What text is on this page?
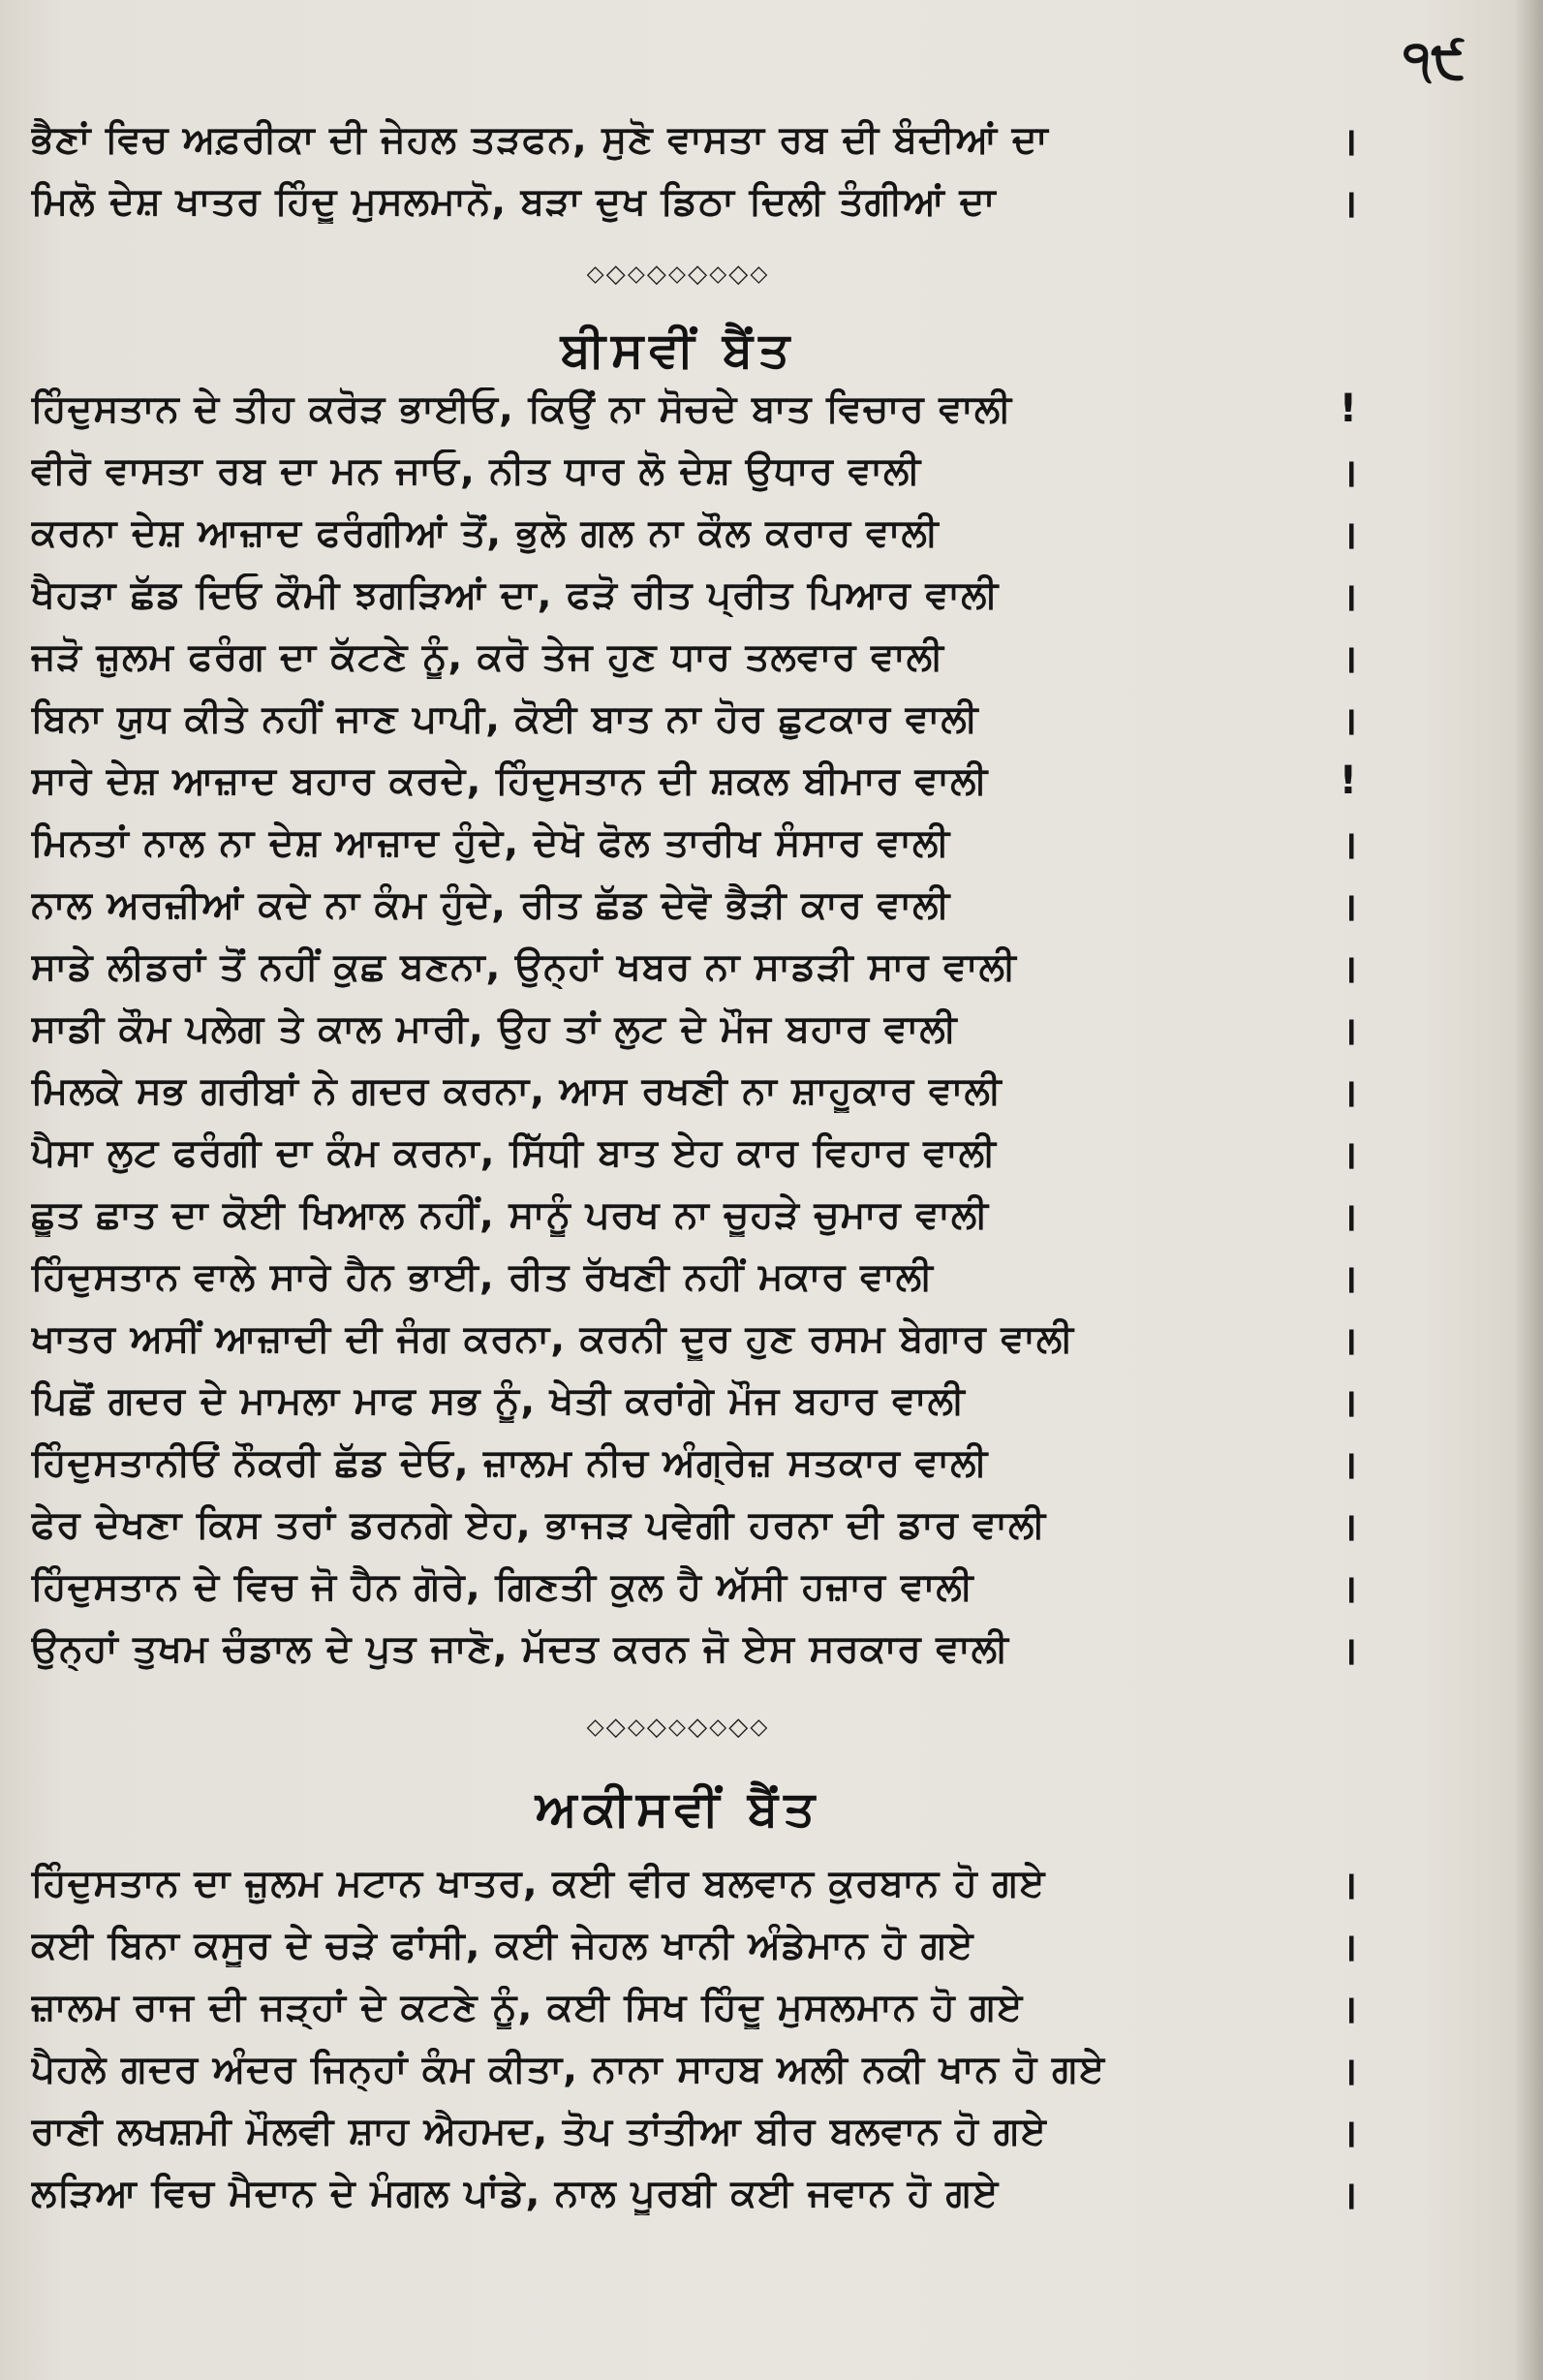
੧੯
ਭੈਣਾਂ ਵਿਚ ਅਫ਼ਰੀਕਾ ਦੀ ਜੇਹਲ ਤੜਫਨ, ਸੁਣੋ ਵਾਸਤਾ ਰਬ ਦੀ ਬੰਦੀਆਂ ਦਾ	।
ਮਿਲੋ ਦੇਸ਼ ਖਾਤਰ ਹਿੰਦੂ ਮੁਸਲਮਾਨੋ, ਬੜਾ ਦੁਖ ਡਿਠਾ ਦਿਲੀ ਤੰਗੀਆਂ ਦਾ	।
⬦◇⬦◇⬦◇⬦◇⬦
ਬੀਸਵੀਂ ਬੈਂਤ
ਹਿੰਦੁਸਤਾਨ ਦੇ ਤੀਹ ਕਰੋੜ ਭਾਈਓ, ਕਿਉਂ ਨਾ ਸੋਚਦੇ ਬਾਤ ਵਿਚਾਰ ਵਾਲੀ	!
ਵੀਰੋ ਵਾਸਤਾ ਰਬ ਦਾ ਮਨ ਜਾਓ, ਨੀਤ ਧਾਰ ਲੋ ਦੇਸ਼ ਉਧਾਰ ਵਾਲੀ	।
ਕਰਨਾ ਦੇਸ਼ ਆਜ਼ਾਦ ਫਰੰਗੀਆਂ ਤੋਂ, ਭੁਲੋ ਗਲ ਨਾ ਕੌਲ ਕਰਾਰ ਵਾਲੀ	।
ਖੈਹੜਾ ਛੱਡ ਦਿਓ ਕੌਮੀ ਝਗੜਿਆਂ ਦਾ, ਫੜੋ ਰੀਤ ਪ੍ਰੀਤ ਪਿਆਰ ਵਾਲੀ	।
ਜੜੋ ਜ਼ੁਲਮ ਫਰੰਗ ਦਾ ਕੱਟਣੇ ਨੂੰ, ਕਰੋ ਤੇਜ ਹੁਣ ਧਾਰ ਤਲਵਾਰ ਵਾਲੀ	।
ਬਿਨਾ ਯੁਧ ਕੀਤੇ ਨਹੀਂ ਜਾਣ ਪਾਪੀ, ਕੋਈ ਬਾਤ ਨਾ ਹੋਰ ਛੁਟਕਾਰ ਵਾਲੀ	।
ਸਾਰੇ ਦੇਸ਼ ਆਜ਼ਾਦ ਬਹਾਰ ਕਰਦੇ, ਹਿੰਦੁਸਤਾਨ ਦੀ ਸ਼ਕਲ ਬੀਮਾਰ ਵਾਲੀ	!
ਮਿਨਤਾਂ ਨਾਲ ਨਾ ਦੇਸ਼ ਆਜ਼ਾਦ ਹੁੰਦੇ, ਦੇਖੋ ਫੋਲ ਤਾਰੀਖ ਸੰਸਾਰ ਵਾਲੀ	।
ਨਾਲ ਅਰਜ਼ੀਆਂ ਕਦੇ ਨਾ ਕੰਮ ਹੁੰਦੇ, ਰੀਤ ਛੱਡ ਦੇਵੋ ਭੈੜੀ ਕਾਰ ਵਾਲੀ	।
ਸਾਡੇ ਲੀਡਰਾਂ ਤੋਂ ਨਹੀਂ ਕੁਛ ਬਣਨਾ, ਉਨ੍ਹਾਂ ਖਬਰ ਨਾ ਸਾਡੜੀ ਸਾਰ ਵਾਲੀ	।
ਸਾਡੀ ਕੌਮ ਪਲੇਗ ਤੇ ਕਾਲ ਮਾਰੀ, ਉਹ ਤਾਂ ਲੁਟ ਦੇ ਮੌਜ ਬਹਾਰ ਵਾਲੀ	।
ਮਿਲਕੇ ਸਭ ਗਰੀਬਾਂ ਨੇ ਗਦਰ ਕਰਨਾ, ਆਸ ਰਖਣੀ ਨਾ ਸ਼ਾਹੂਕਾਰ ਵਾਲੀ	।
ਪੈਸਾ ਲੁਟ ਫਰੰਗੀ ਦਾ ਕੰਮ ਕਰਨਾ, ਸਿੱਧੀ ਬਾਤ ਏਹ ਕਾਰ ਵਿਹਾਰ ਵਾਲੀ	।
ਛੂਤ ਛਾਤ ਦਾ ਕੋਈ ਖਿਆਲ ਨਹੀਂ, ਸਾਨੂੰ ਪਰਖ ਨਾ ਚੂਹੜੇ ਚੁਮਾਰ ਵਾਲੀ	।
ਹਿੰਦੁਸਤਾਨ ਵਾਲੇ ਸਾਰੇ ਹੈਨ ਭਾਈ, ਰੀਤ ਰੱਖਣੀ ਨਹੀਂ ਮਕਾਰ ਵਾਲੀ	।
ਖਾਤਰ ਅਸੀਂ ਆਜ਼ਾਦੀ ਦੀ ਜੰਗ ਕਰਨਾ, ਕਰਨੀ ਦੂਰ ਹੁਣ ਰਸਮ ਬੇਗਾਰ ਵਾਲੀ	।
ਪਿਛੋਂ ਗਦਰ ਦੇ ਮਾਮਲਾ ਮਾਫ ਸਭ ਨੂੰ, ਖੇਤੀ ਕਰਾਂਗੇ ਮੌਜ ਬਹਾਰ ਵਾਲੀ	।
ਹਿੰਦੁਸਤਾਨੀਓਂ ਨੌਕਰੀ ਛੱਡ ਦੇਓ, ਜ਼ਾਲਮ ਨੀਚ ਅੰਗ੍ਰੇਜ਼ ਸਤਕਾਰ ਵਾਲੀ	।
ਫੇਰ ਦੇਖਣਾ ਕਿਸ ਤਰਾਂ ਡਰਨਗੇ ਏਹ, ਭਾਜੜ ਪਵੇਗੀ ਹਰਨਾ ਦੀ ਡਾਰ ਵਾਲੀ	।
ਹਿੰਦੁਸਤਾਨ ਦੇ ਵਿਚ ਜੋ ਹੈਨ ਗੋਰੇ, ਗਿਣਤੀ ਕੁਲ ਹੈ ਅੱਸੀ ਹਜ਼ਾਰ ਵਾਲੀ	।
ਉਨ੍ਹਾਂ ਤੁਖਮ ਚੰਡਾਲ ਦੇ ਪੁਤ ਜਾਣੋ, ਮੱਦਤ ਕਰਨ ਜੋ ਏਸ ਸਰਕਾਰ ਵਾਲੀ	।
⬦◇⬦◇⬦◇⬦◇⬦
ਅਕੀਸਵੀਂ ਬੈਂਤ
ਹਿੰਦੁਸਤਾਨ ਦਾ ਜ਼ੁਲਮ ਮਟਾਨ ਖਾਤਰ, ਕਈ ਵੀਰ ਬਲਵਾਨ ਕੁਰਬਾਨ ਹੋ ਗਏ	।
ਕਈ ਬਿਨਾ ਕਸੂਰ ਦੇ ਚੜੇ ਫਾਂਸੀ, ਕਈ ਜੇਹਲ ਖਾਨੀ ਅੰਡੇਮਾਨ ਹੋ ਗਏ	।
ਜ਼ਾਲਮ ਰਾਜ ਦੀ ਜੜ੍ਹਾਂ ਦੇ ਕਟਣੇ ਨੂੰ, ਕਈ ਸਿਖ ਹਿੰਦੂ ਮੁਸਲਮਾਨ ਹੋ ਗਏ	।
ਪੈਹਲੇ ਗਦਰ ਅੰਦਰ ਜਿਨ੍ਹਾਂ ਕੰਮ ਕੀਤਾ, ਨਾਨਾ ਸਾਹਬ ਅਲੀ ਨਕੀ ਖਾਨ ਹੋ ਗਏ	।
ਰਾਣੀ ਲਖਸ਼ਮੀ ਮੌਲਵੀ ਸ਼ਾਹ ਐਹਮਦ, ਤੋਪ ਤਾਂਤੀਆ ਬੀਰ ਬਲਵਾਨ ਹੋ ਗਏ	।
ਲੜਿਆ ਵਿਚ ਮੈਦਾਨ ਦੇ ਮੰਗਲ ਪਾਂਡੇ, ਨਾਲ ਪੂਰਬੀ ਕਈ ਜਵਾਨ ਹੋ ਗਏ	।
